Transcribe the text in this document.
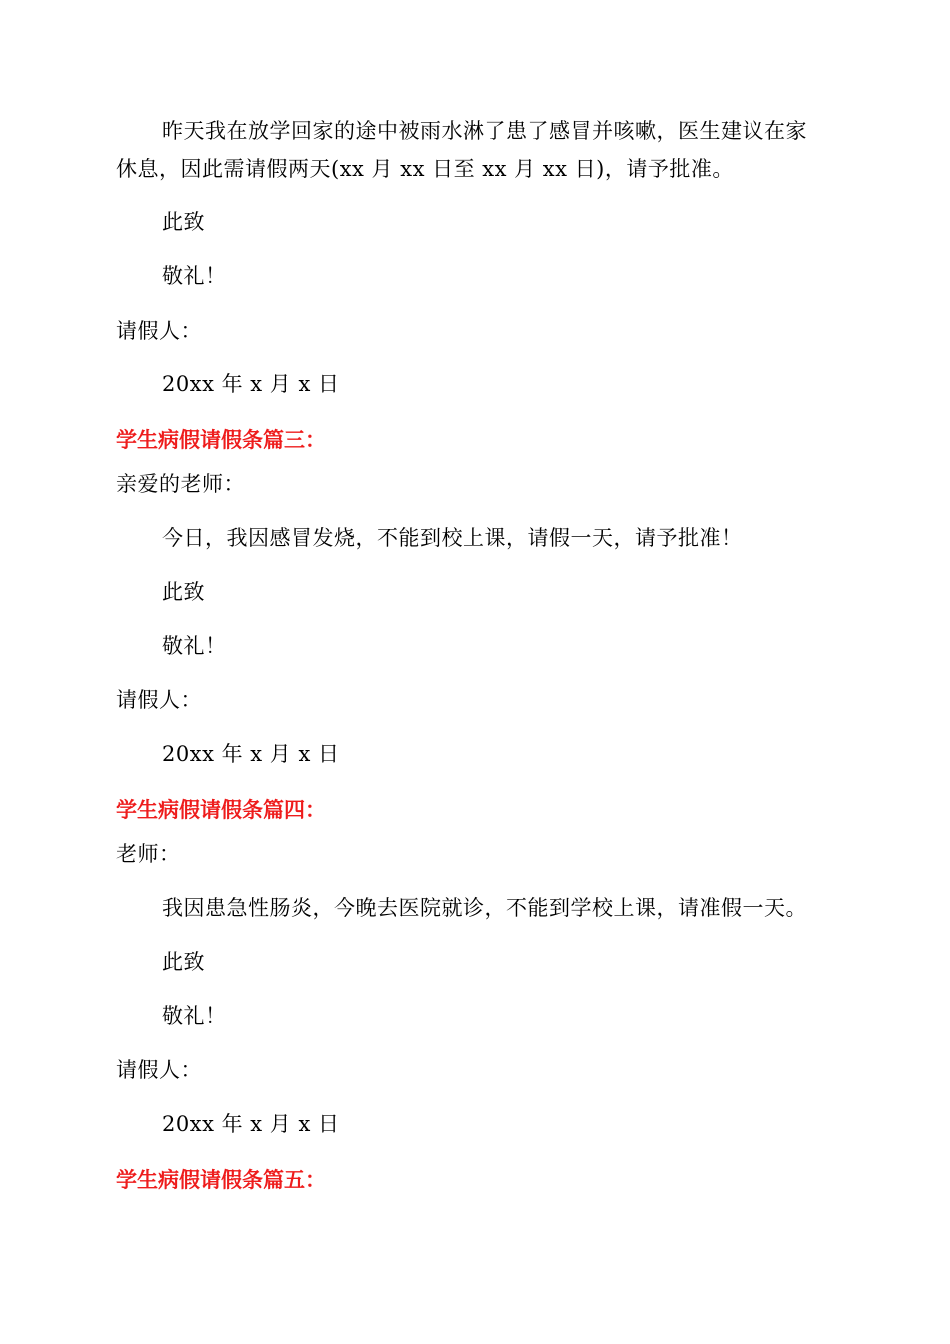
昨天我在放学回家的途中被雨水淋了患了感冒并咳嗽，医生建议在家
休息，因此需请假两天(xx 月 xx 日至 xx 月 xx 日)，请予批准。
此致
敬礼！
请假人：
20xx 年 x 月 x 日
学生病假请假条篇三：
亲爱的老师：
今日，我因感冒发烧，不能到校上课，请假一天，请予批准！
此致
敬礼！
请假人：
20xx 年 x 月 x 日
学生病假请假条篇四：
老师：
我因患急性肠炎，今晚去医院就诊，不能到学校上课，请准假一天。
此致
敬礼！
请假人：
20xx 年 x 月 x 日
学生病假请假条篇五：
